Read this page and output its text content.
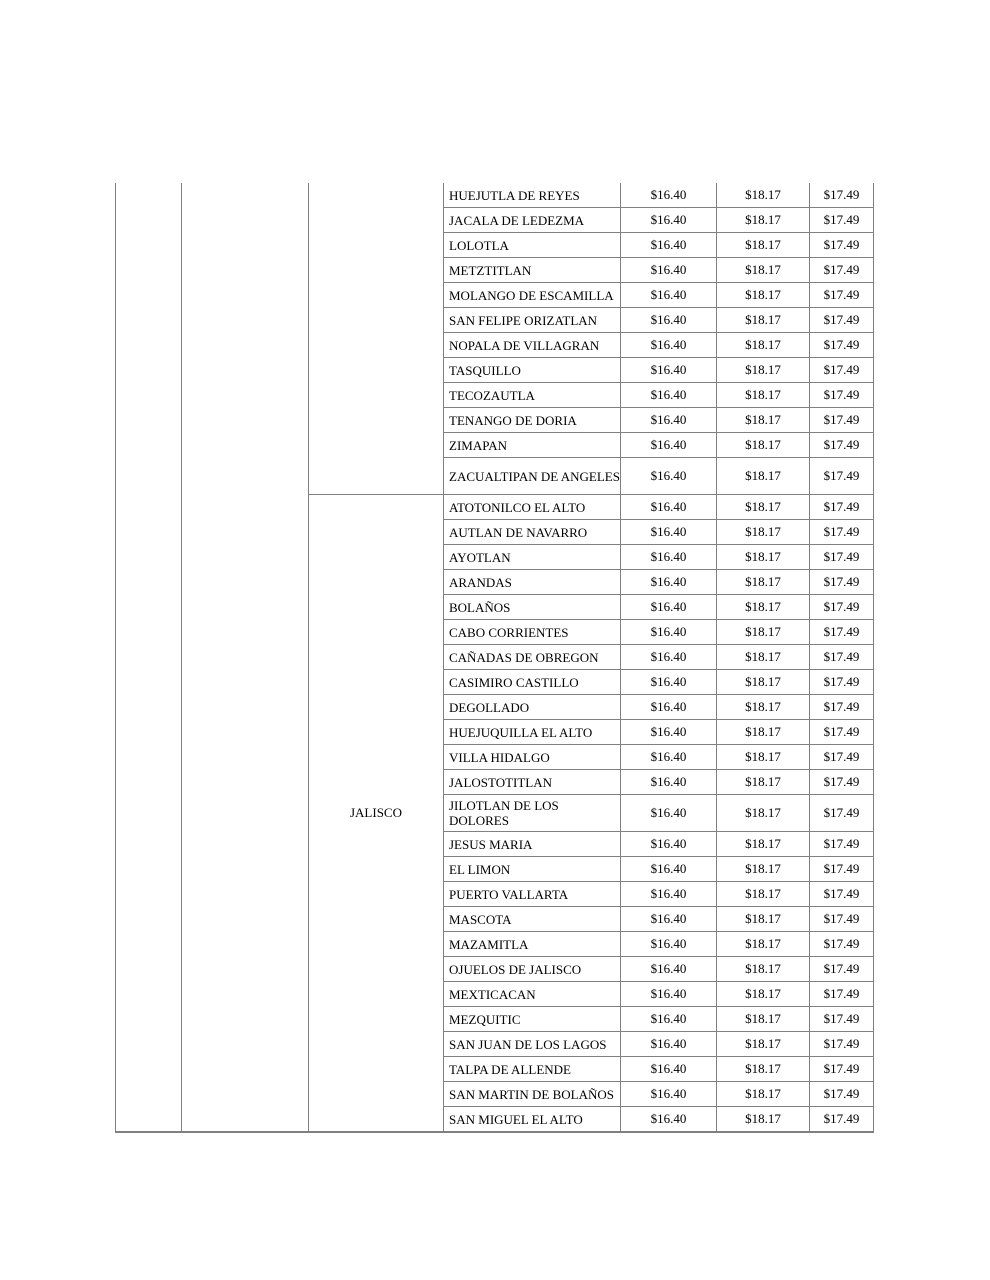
			HUEJUTLA DE REYES	$16.40	$18.17	$17.49
			JACALA DE LEDEZMA	$16.40	$18.17	$17.49
			LOLOTLA	$16.40	$18.17	$17.49
			METZTITLAN	$16.40	$18.17	$17.49
			MOLANGO DE ESCAMILLA	$16.40	$18.17	$17.49
			SAN FELIPE ORIZATLAN	$16.40	$18.17	$17.49
			NOPALA DE VILLAGRAN	$16.40	$18.17	$17.49
			TASQUILLO	$16.40	$18.17	$17.49
			TECOZAUTLA	$16.40	$18.17	$17.49
			TENANGO DE DORIA	$16.40	$18.17	$17.49
			ZIMAPAN	$16.40	$18.17	$17.49
			ZACUALTIPAN DE ANGELES	$16.40	$18.17	$17.49
		JALISCO	ATOTONILCO EL ALTO	$16.40	$18.17	$17.49
			AUTLAN DE NAVARRO	$16.40	$18.17	$17.49
			AYOTLAN	$16.40	$18.17	$17.49
			ARANDAS	$16.40	$18.17	$17.49
			BOLAÑOS	$16.40	$18.17	$17.49
			CABO CORRIENTES	$16.40	$18.17	$17.49
			CAÑADAS DE OBREGON	$16.40	$18.17	$17.49
			CASIMIRO CASTILLO	$16.40	$18.17	$17.49
			DEGOLLADO	$16.40	$18.17	$17.49
			HUEJUQUILLA EL ALTO	$16.40	$18.17	$17.49
			VILLA HIDALGO	$16.40	$18.17	$17.49
			JALOSTOTITLAN	$16.40	$18.17	$17.49
			JILOTLAN DE LOS DOLORES	$16.40	$18.17	$17.49
			JESUS MARIA	$16.40	$18.17	$17.49
			EL LIMON	$16.40	$18.17	$17.49
			PUERTO VALLARTA	$16.40	$18.17	$17.49
			MASCOTA	$16.40	$18.17	$17.49
			MAZAMITLA	$16.40	$18.17	$17.49
			OJUELOS DE JALISCO	$16.40	$18.17	$17.49
			MEXTICACAN	$16.40	$18.17	$17.49
			MEZQUITIC	$16.40	$18.17	$17.49
			SAN JUAN DE LOS LAGOS	$16.40	$18.17	$17.49
			TALPA DE ALLENDE	$16.40	$18.17	$17.49
			SAN MARTIN DE BOLAÑOS	$16.40	$18.17	$17.49
			SAN MIGUEL EL ALTO	$16.40	$18.17	$17.49
